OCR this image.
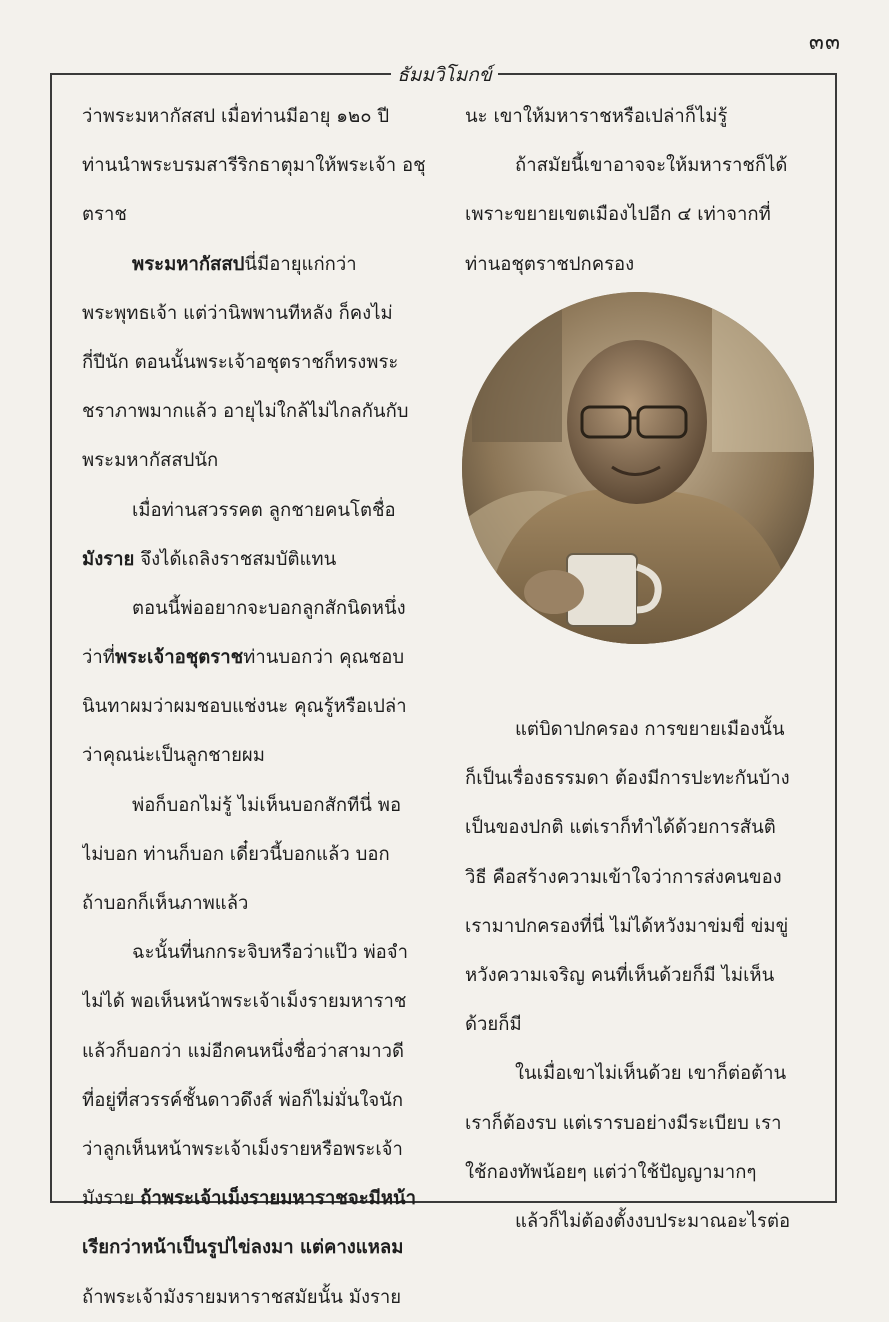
๓๓
ธัมมวิโมกข์
ว่าพระมหากัสสป เมื่อท่านมีอายุ ๑๒๐ ปี
ท่านนำพระบรมสารีริกธาตุมาให้พระเจ้า อชุ
ตราช
พระมหากัสสปนี่มีอายุแก่กว่า
พระพุทธเจ้า แต่ว่านิพพานทีหลัง ก็คงไม่
กี่ปีนัก ตอนนั้นพระเจ้าอชุตราชก็ทรงพระ
ชราภาพมากแล้ว อายุไม่ใกล้ไม่ไกลกันกับ
พระมหากัสสปนัก
เมื่อท่านสวรรคต ลูกชายคนโตชื่อ
มังราย จึงได้เถลิงราชสมบัติแทน
ตอนนี้พ่ออยากจะบอกลูกสักนิดหนึ่ง
ว่าที่พระเจ้าอชุตราชท่านบอกว่า คุณชอบ
นินทาผมว่าผมชอบแช่งนะ คุณรู้หรือเปล่า
ว่าคุณน่ะเป็นลูกชายผม
พ่อก็บอกไม่รู้ ไม่เห็นบอกสักทีนี่ พอ
ไม่บอก ท่านก็บอก เดี๋ยวนี้บอกแล้ว บอก
ถ้าบอกก็เห็นภาพแล้ว
ฉะนั้นที่นกกระจิบหรือว่าแป๊ว พ่อจำ
ไม่ได้ พอเห็นหน้าพระเจ้าเม็งรายมหาราช
แล้วก็บอกว่า แม่อีกคนหนึ่งชื่อว่าสามาวดี
ที่อยู่ที่สวรรค์ชั้นดาวดึงส์ พ่อก็ไม่มั่นใจนัก
ว่าลูกเห็นหน้าพระเจ้าเม็งรายหรือพระเจ้า
มังราย ถ้าพระเจ้าเม็งรายมหาราชจะมีหน้า
เรียกว่าหน้าเป็นรูปไข่ลงมา แต่คางแหลม
ถ้าพระเจ้ามังรายมหาราชสมัยนั้น มังราย
นะ เขาให้มหาราชหรือเปล่าก็ไม่รู้
ถ้าสมัยนี้เขาอาจจะให้มหาราชก็ได้
เพราะขยายเขตเมืองไปอีก ๔ เท่าจากที่
ท่านอชุตราชปกครอง
แต่บิดาปกครอง การขยายเมืองนั้น
ก็เป็นเรื่องธรรมดา ต้องมีการปะทะกันบ้าง
เป็นของปกติ แต่เราก็ทำได้ด้วยการสันติ
วิธี คือสร้างความเข้าใจว่าการส่งคนของ
เรามาปกครองที่นี่ ไม่ได้หวังมาข่มขี่ ข่มขู่
หวังความเจริญ คนที่เห็นด้วยก็มี ไม่เห็น
ด้วยก็มี
ในเมื่อเขาไม่เห็นด้วย เขาก็ต่อต้าน
เราก็ต้องรบ แต่เรารบอย่างมีระเบียบ เรา
ใช้กองทัพน้อยๆ แต่ว่าใช้ปัญญามากๆ
แล้วก็ไม่ต้องตั้งงบประมาณอะไรต่อ
